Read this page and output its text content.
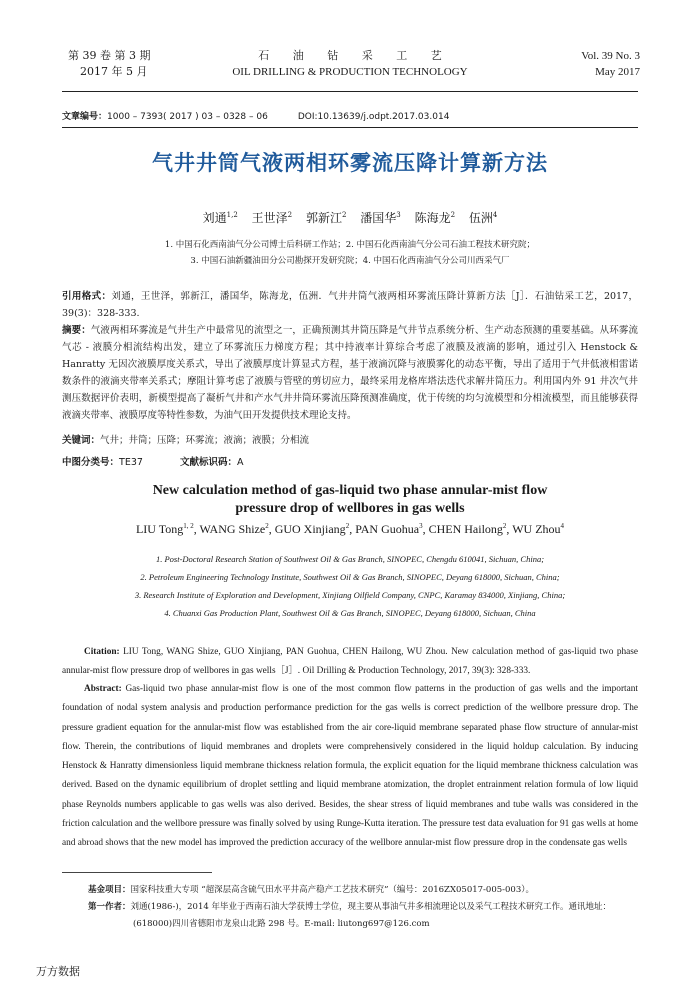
第 39 卷 第 3 期
2017 年 5 月
石 油 钻 采 工 艺
OIL DRILLING & PRODUCTION TECHNOLOGY
Vol. 39 No. 3
May 2017
文章编号：1000 – 7393( 2017 ) 03 – 0328 – 06	DOI:10.13639/j.odpt.2017.03.014
气井井筒气液两相环雾流压降计算新方法
刘通$^{1,2}$ 王世泽$^2$ 郭新江$^2$ 潘国华$^3$ 陈海龙$^2$ 伍洲$^4$
1. 中国石化西南油气分公司博士后科研工作站；2. 中国石化西南油气分公司石油工程技术研究院；
3. 中国石油新疆油田分公司勘探开发研究院；4. 中国石化西南油气分公司川西采气厂
引用格式：刘通，王世泽，郭新江，潘国华，陈海龙，伍洲．气井井筒气液两相环雾流压降计算新方法［J］．石油钻采工艺，2017，39(3)：328-333.
摘要：气液两相环雾流是气井生产中最常见的流型之一，正确预测其井筒压降是气井节点系统分析、生产动态预测的重要基础。从环雾流气芯 - 液膜分相流结构出发，建立了环雾流压力梯度方程；其中持液率计算综合考虑了液膜及液滴的影响，通过引入 Henstock & Hanratty 无因次液膜厚度关系式，导出了液膜厚度计算显式方程，基于液滴沉降与液膜雾化的动态平衡，导出了适用于气井低液相雷诺数条件的液滴夹带率关系式；摩阻计算考虑了液膜与管壁的剪切应力，最终采用龙格库塔法迭代求解井筒压力。利用国内外 91 井次气井测压数据评价表明，新模型提高了凝析气井和产水气井井筒环雾流压降预测准确度，优于传统的均匀流模型和分相流模型，而且能够获得液滴夹带率、液膜厚度等特性参数，为油气田开发提供技术理论支持。
关键词：气井；井筒；压降；环雾流；液滴；液膜；分相流
中图分类号：TE37	文献标识码：A
New calculation method of gas-liquid two phase annular-mist flow pressure drop of wellbores in gas wells
LIU Tong$^{1, 2}$, WANG Shize$^2$, GUO Xinjiang$^2$, PAN Guohua$^3$, CHEN Hailong$^2$, WU Zhou$^4$
1. Post-Doctoral Research Station of Southwest Oil & Gas Branch, SINOPEC, Chengdu 610041, Sichuan, China;
2. Petroleum Engineering Technology Institute, Southwest Oil & Gas Branch, SINOPEC, Deyang 618000, Sichuan, China;
3. Research Institute of Exploration and Development, Xinjiang Oilfield Company, CNPC, Karamay 834000, Xinjiang, China;
4. Chuanxi Gas Production Plant, Southwest Oil & Gas Branch, SINOPEC, Deyang 618000, Sichuan, China
Citation: LIU Tong, WANG Shize, GUO Xinjiang, PAN Guohua, CHEN Hailong, WU Zhou. New calculation method of gas-liquid two phase annular-mist flow pressure drop of wellbores in gas wells［J］. Oil Drilling & Production Technology, 2017, 39(3): 328-333.
Abstract: Gas-liquid two phase annular-mist flow is one of the most common flow patterns in the production of gas wells and the important foundation of nodal system analysis and production performance prediction for the gas wells is correct prediction of the wellbore pressure drop. The pressure gradient equation for the annular-mist flow was established from the air core-liquid membrane separated phase flow structure of annular-mist flow. Therein, the contributions of liquid membranes and droplets were comprehensively considered in the liquid holdup calculation. By inducing Henstock & Hanratty dimensionless liquid membrane thickness relation formula, the explicit equation for the liquid membrane thickness calculation was derived. Based on the dynamic equilibrium of droplet settling and liquid membrane atomization, the droplet entrainment relation formula of low liquid phase Reynolds numbers applicable to gas wells was also derived. Besides, the shear stress of liquid membranes and tube walls was considered in the friction calculation and the wellbore pressure was finally solved by using Runge-Kutta iteration. The pressure test data evaluation for 91 gas wells at home and abroad shows that the new model has improved the prediction accuracy of the wellbore annular-mist flow pressure drop in the condensate gas wells
基金项目：国家科技重大专项 “超深层高含硫气田水平井高产稳产工艺技术研究”（编号：2016ZX05017-005-003）。
第一作者：刘通(1986-)，2014 年毕业于西南石油大学获博士学位，现主要从事油气井多相流理论以及采气工程技术研究工作。通讯地址：
(618000)四川省德阳市龙泉山北路 298 号。E-mail: liutong697@126.com
万方数据
